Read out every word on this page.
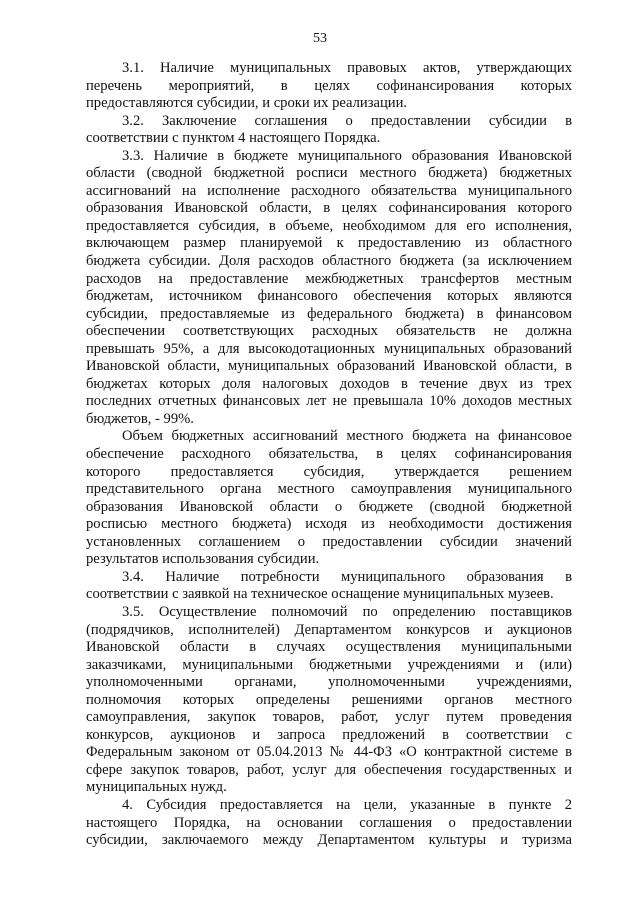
53
3.1. Наличие муниципальных правовых актов, утверждающих
перечень мероприятий, в целях софинансирования которых
предоставляются субсидии, и сроки их реализации.
3.2. Заключение соглашения о предоставлении субсидии в
соответствии с пунктом 4 настоящего Порядка.
3.3. Наличие в бюджете муниципального образования Ивановской
области (сводной бюджетной росписи местного бюджета) бюджетных
ассигнований на исполнение расходного обязательства муниципального
образования Ивановской области, в целях софинансирования которого
предоставляется субсидия, в объеме, необходимом для его исполнения,
включающем размер планируемой к предоставлению из областного
бюджета субсидии. Доля расходов областного бюджета (за исключением
расходов на предоставление межбюджетных трансфертов местным
бюджетам, источником финансового обеспечения которых являются
субсидии, предоставляемые из федерального бюджета) в финансовом
обеспечении соответствующих расходных обязательств не должна
превышать 95%, а для высокодотационных муниципальных образований
Ивановской области, муниципальных образований Ивановской области, в
бюджетах которых доля налоговых доходов в течение двух из трех
последних отчетных финансовых лет не превышала 10% доходов местных
бюджетов, - 99%.
Объем бюджетных ассигнований местного бюджета на финансовое
обеспечение расходного обязательства, в целях софинансирования
которого предоставляется субсидия, утверждается решением
представительного органа местного самоуправления муниципального
образования Ивановской области о бюджете (сводной бюджетной
росписью местного бюджета) исходя из необходимости достижения
установленных соглашением о предоставлении субсидии значений
результатов использования субсидии.
3.4. Наличие потребности муниципального образования в
соответствии с заявкой на техническое оснащение муниципальных музеев.
3.5. Осуществление полномочий по определению поставщиков
(подрядчиков, исполнителей) Департаментом конкурсов и аукционов
Ивановской области в случаях осуществления муниципальными
заказчиками, муниципальными бюджетными учреждениями и (или)
уполномоченными органами, уполномоченными учреждениями,
полномочия которых определены решениями органов местного
самоуправления, закупок товаров, работ, услуг путем проведения
конкурсов, аукционов и запроса предложений в соответствии с
Федеральным законом от 05.04.2013 № 44-ФЗ «О контрактной системе в
сфере закупок товаров, работ, услуг для обеспечения государственных и
муниципальных нужд.
4. Субсидия предоставляется на цели, указанные в пункте 2
настоящего Порядка, на основании соглашения о предоставлении
субсидии, заключаемого между Департаментом культуры и туризма
